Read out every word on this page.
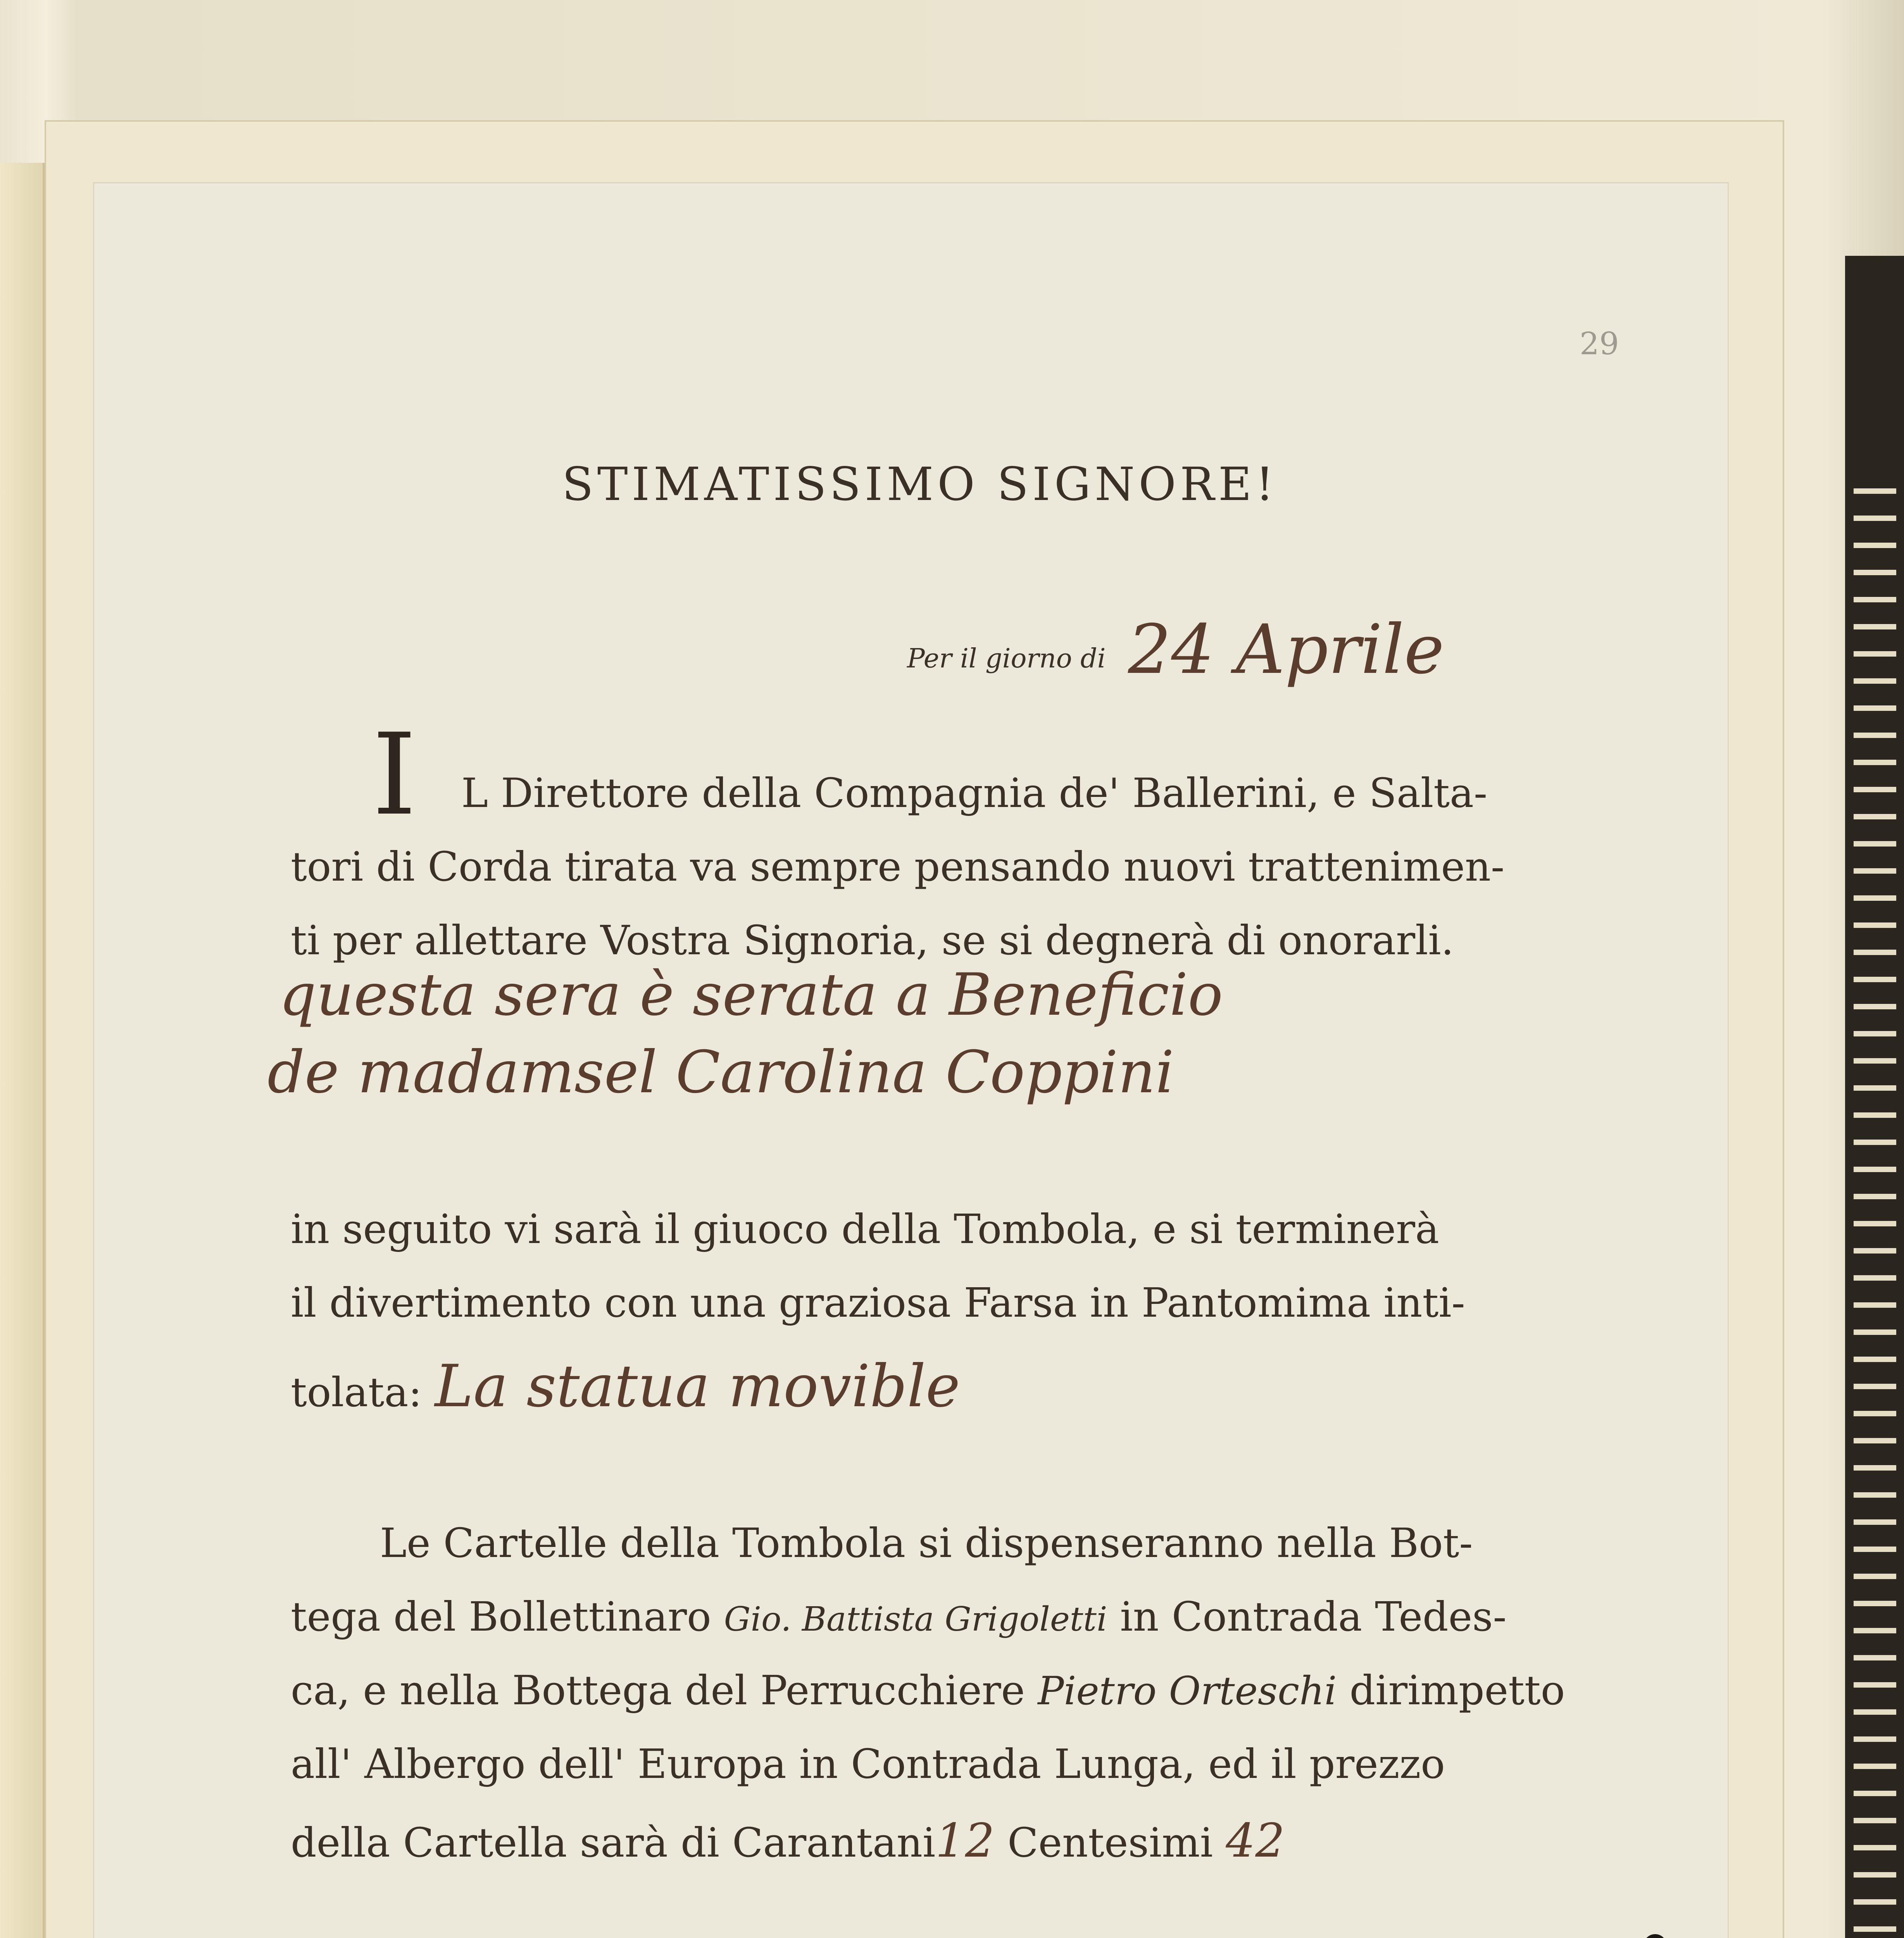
29
STIMATISSIMO SIGNORE!
Per il giorno di 24 Aprile
I L Direttore della Compagnia de' Ballerini, e Salta-
tori di Corda tirata va sempre pensando nuovi trattenimen-
ti per allettare Vostra Signoria, se si degnerà di onorarli.
questa sera è serata a Beneficio
de madamsel Carolina Coppini
in seguito vi sarà il giuoco della Tombola, e si terminerà
il divertimento con una graziosa Farsa in Pantomima inti-
tolata: La statua movible
Le Cartelle della Tombola si dispenseranno nella Bot-
tega del Bollettinaro Gio. Battista Grigoletti in Contrada Tedes-
ca, e nella Bottega del Perrucchiere Pietro Orteschi dirimpetto
all' Albergo dell' Europa in Contrada Lunga, ed il prezzo
della Cartella sarà di Carantani12 Centesimi 42
